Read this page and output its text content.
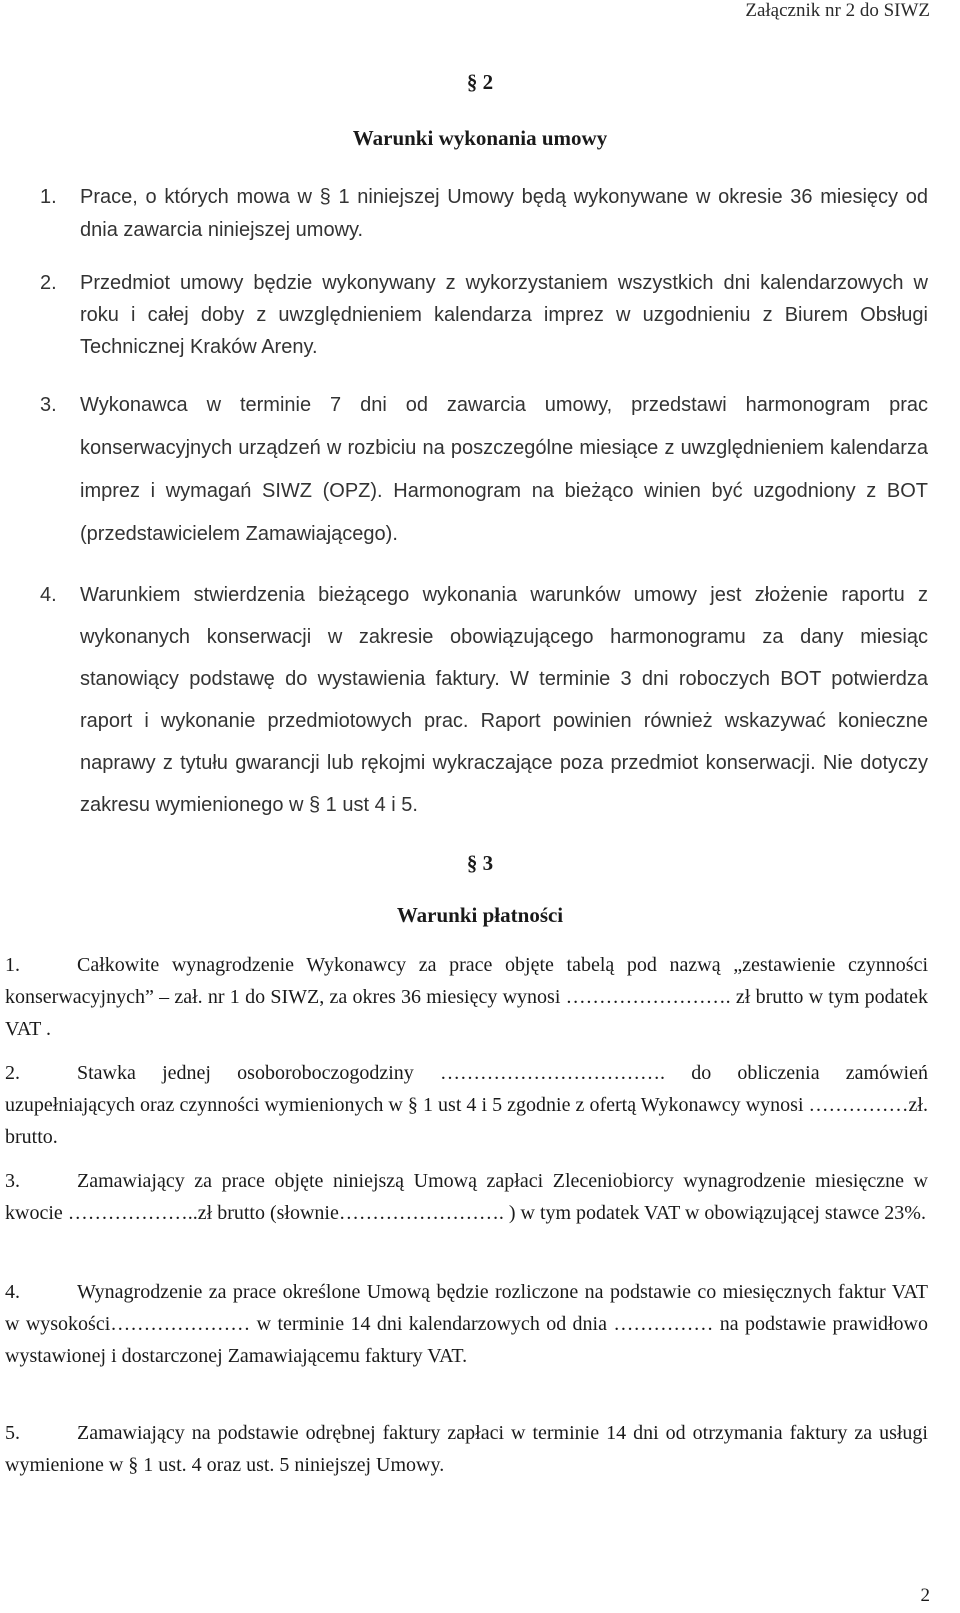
Załącznik nr 2 do SIWZ
§ 2
Warunki wykonania umowy
1. Prace, o których mowa w § 1 niniejszej Umowy będą wykonywane w okresie 36 miesięcy od dnia zawarcia niniejszej umowy.
2. Przedmiot umowy będzie wykonywany z wykorzystaniem wszystkich dni kalendarzowych w roku i całej doby z uwzględnieniem kalendarza imprez w uzgodnieniu z Biurem Obsługi Technicznej Kraków Areny.
3. Wykonawca w terminie 7 dni od zawarcia umowy, przedstawi harmonogram prac konserwacyjnych urządzeń w rozbiciu na poszczególne miesiące z uwzględnieniem kalendarza imprez i wymagań SIWZ (OPZ). Harmonogram na bieżąco winien być uzgodniony z BOT (przedstawicielem Zamawiającego).
4. Warunkiem stwierdzenia bieżącego wykonania warunków umowy jest złożenie raportu z wykonanych konserwacji w zakresie obowiązującego harmonogramu za dany miesiąc stanowiący podstawę do wystawienia faktury. W terminie 3 dni roboczych BOT potwierdza raport i wykonanie przedmiotowych prac. Raport powinien również wskazywać konieczne naprawy z tytułu gwarancji lub rękojmi wykraczające poza przedmiot konserwacji. Nie dotyczy zakresu wymienionego w § 1 ust 4 i 5.
§ 3
Warunki płatności
1.	Całkowite wynagrodzenie Wykonawcy za prace objęte tabelą pod nazwą „zestawienie czynności konserwacyjnych” – zał. nr 1 do SIWZ, za okres 36 miesięcy wynosi ……………………. zł brutto w tym podatek VAT .
2.	Stawka jednej osoboroboczogodziny ……………………………. do obliczenia zamówień uzupełniających oraz czynności wymienionych w § 1 ust 4 i 5 zgodnie z ofertą Wykonawcy wynosi ……………zł. brutto.
3.	Zamawiający za prace objęte niniejszą Umową zapłaci Zleceniobiorcy wynagrodzenie miesięczne w kwocie ………………..zł brutto (słownie……………………. ) w tym podatek VAT w obowiązującej stawce 23%.
4.	Wynagrodzenie za prace określone Umową będzie rozliczone na podstawie co miesięcznych faktur VAT w wysokości………………… w terminie 14 dni kalendarzowych od dnia …………… na podstawie prawidłowo wystawionej i dostarczonej Zamawiającemu faktury VAT.
5.	Zamawiający na podstawie odrębnej faktury zapłaci w terminie 14 dni od otrzymania faktury za usługi wymienione w § 1 ust. 4 oraz ust. 5 niniejszej Umowy.
2
